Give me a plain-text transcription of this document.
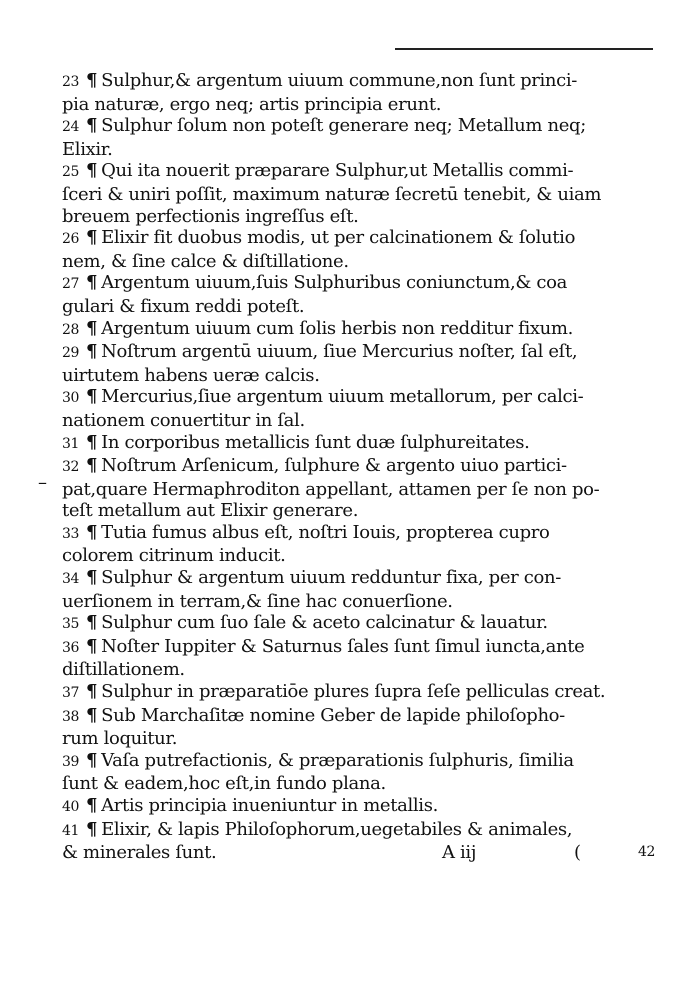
–
23 ¶ Sulphur,& argentum uiuum commune,non ſunt princi-
pia naturæ, ergo neq; artis principia erunt.
24 ¶ Sulphur ſolum non poteſt generare neq; Metallum neq;
Elixir.
25 ¶ Qui ita nouerit præparare Sulphur,ut Metallis commi-
ſceri & uniri poſſit, maximum naturæ ſecretū tenebit, & uiam
breuem perfectionis ingreſſus eſt.
26 ¶ Elixir fit duobus modis, ut per calcinationem & ſolutio
nem, & ſine calce & diſtillatione.
27 ¶ Argentum uiuum,ſuis Sulphuribus coniunctum,& coa
gulari & fixum reddi poteſt.
28 ¶ Argentum uiuum cum ſolis herbis non redditur fixum.
29 ¶ Noſtrum argentū uiuum, ſiue Mercurius noſter, ſal eſt,
uirtutem habens ueræ calcis.
30 ¶ Mercurius,ſiue argentum uiuum metallorum, per calci-
nationem conuertitur in ſal.
31 ¶ In corporibus metallicis ſunt duæ ſulphureitates.
32 ¶ Noſtrum Arſenicum, ſulphure & argento uiuo partici-
pat,quare Hermaphroditon appellant, attamen per ſe non po-
teſt metallum aut Elixir generare.
33 ¶ Tutia fumus albus eſt, noſtri Iouis, propterea cupro
colorem citrinum inducit.
34 ¶ Sulphur & argentum uiuum redduntur fixa, per con-
uerſionem in terram,& ſine hac conuerſione.
35 ¶ Sulphur cum ſuo ſale & aceto calcinatur & lauatur.
36 ¶ Noſter Iuppiter & Saturnus ſales ſunt ſimul iuncta,ante
diſtillationem.
37 ¶ Sulphur in præparatiōe plures ſupra ſeſe pelliculas creat.
38 ¶ Sub Marchaſitæ nomine Geber de lapide philoſopho-
rum loquitur.
39 ¶ Vaſa putrefactionis, & præparationis ſulphuris, ſimilia
ſunt & eadem,hoc eſt,in fundo plana.
40 ¶ Artis principia inueniuntur in metallis.
41 ¶ Elixir, & lapis Philoſophorum,uegetabiles & animales,
& minerales ſunt.	A iij	(	42
